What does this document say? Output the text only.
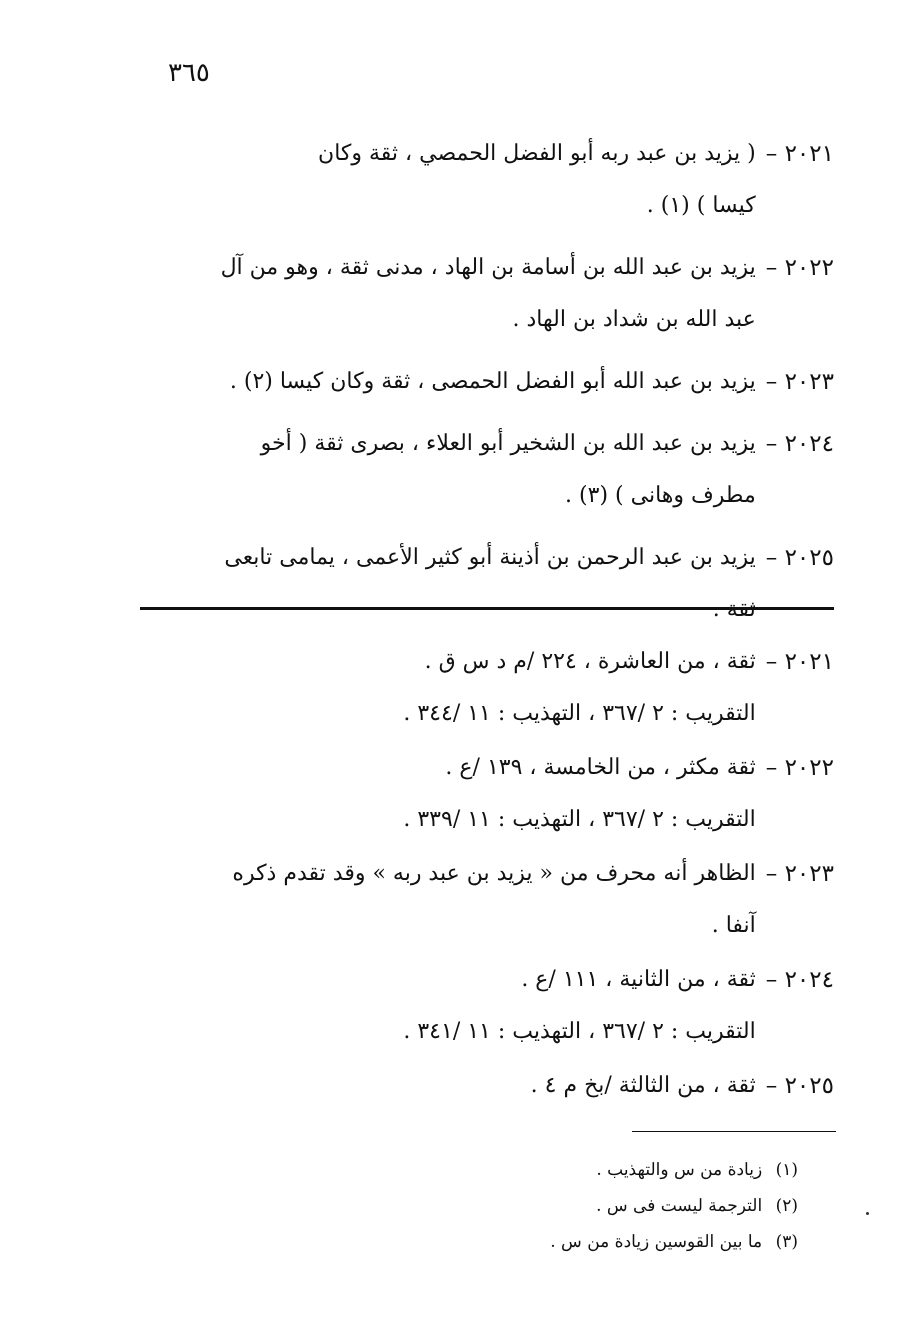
٣٦٥
٢٠٢١ –
( يزيد بن عبد ربه أبو الفضل الحمصي ، ثقة وكان
كيسا ) (١) .
٢٠٢٢ –
يزيد بن عبد الله بن أسامة بن الهاد ، مدنى ثقة ، وهو من آل
عبد الله بن شداد بن الهاد .
٢٠٢٣ –
يزيد بن عبد الله أبو الفضل الحمصى ، ثقة وكان كيسا (٢) .
٢٠٢٤ –
يزيد بن عبد الله بن الشخير أبو العلاء ، بصرى ثقة ( أخو
مطرف وهانى ) (٣) .
٢٠٢٥ –
يزيد بن عبد الرحمن بن أذينة أبو كثير الأعمى ، يمامى تابعى
ثقة .
٢٠٢١ –
ثقة ، من العاشرة ، ٢٢٤ /م د س ق .
التقريب : ٢ /٣٦٧ ، التهذيب : ١١ /٣٤٤ .
٢٠٢٢ –
ثقة مكثر ، من الخامسة ، ١٣٩ /ع .
التقريب : ٢ /٣٦٧ ، التهذيب : ١١ /٣٣٩ .
٢٠٢٣ –
الظاهر أنه محرف من « يزيد بن عبد ربه » وقد تقدم ذكره
آنفا .
٢٠٢٤ –
ثقة ، من الثانية ، ١١١ /ع .
التقريب : ٢ /٣٦٧ ، التهذيب : ١١ /٣٤١ .
٢٠٢٥ –
ثقة ، من الثالثة /بخ م ٤ .
(١) زيادة من س والتهذيب .
(٢) الترجمة ليست فى س .
(٣) ما بين القوسين زيادة من س .
